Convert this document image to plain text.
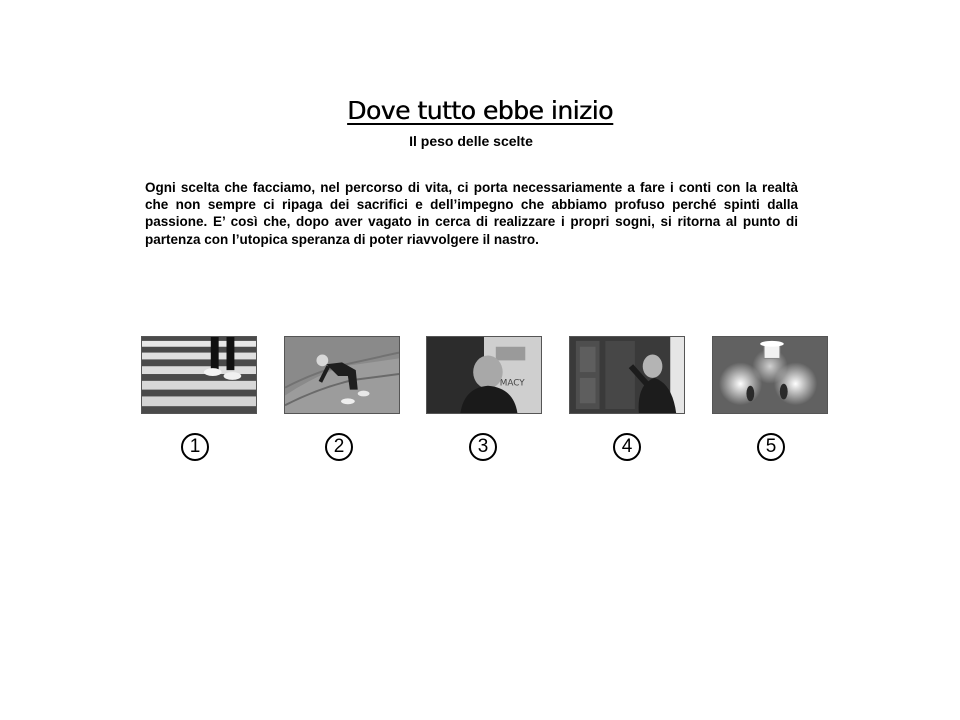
Dove tutto ebbe inizio
Il peso delle scelte

Ogni scelta che facciamo, nel percorso di vita, ci porta necessariamente a fare i conti con la realtà che non sempre ci ripaga dei sacrifici e dell’impegno che abbiamo profuso perché spinti dalla passione. E’ così che, dopo aver vagato in cerca di realizzare i propri sogni, si ritorna al punto di partenza con l’utopica speranza di poter riavvolgere il nastro.

MACY
1	2	3	4	5
